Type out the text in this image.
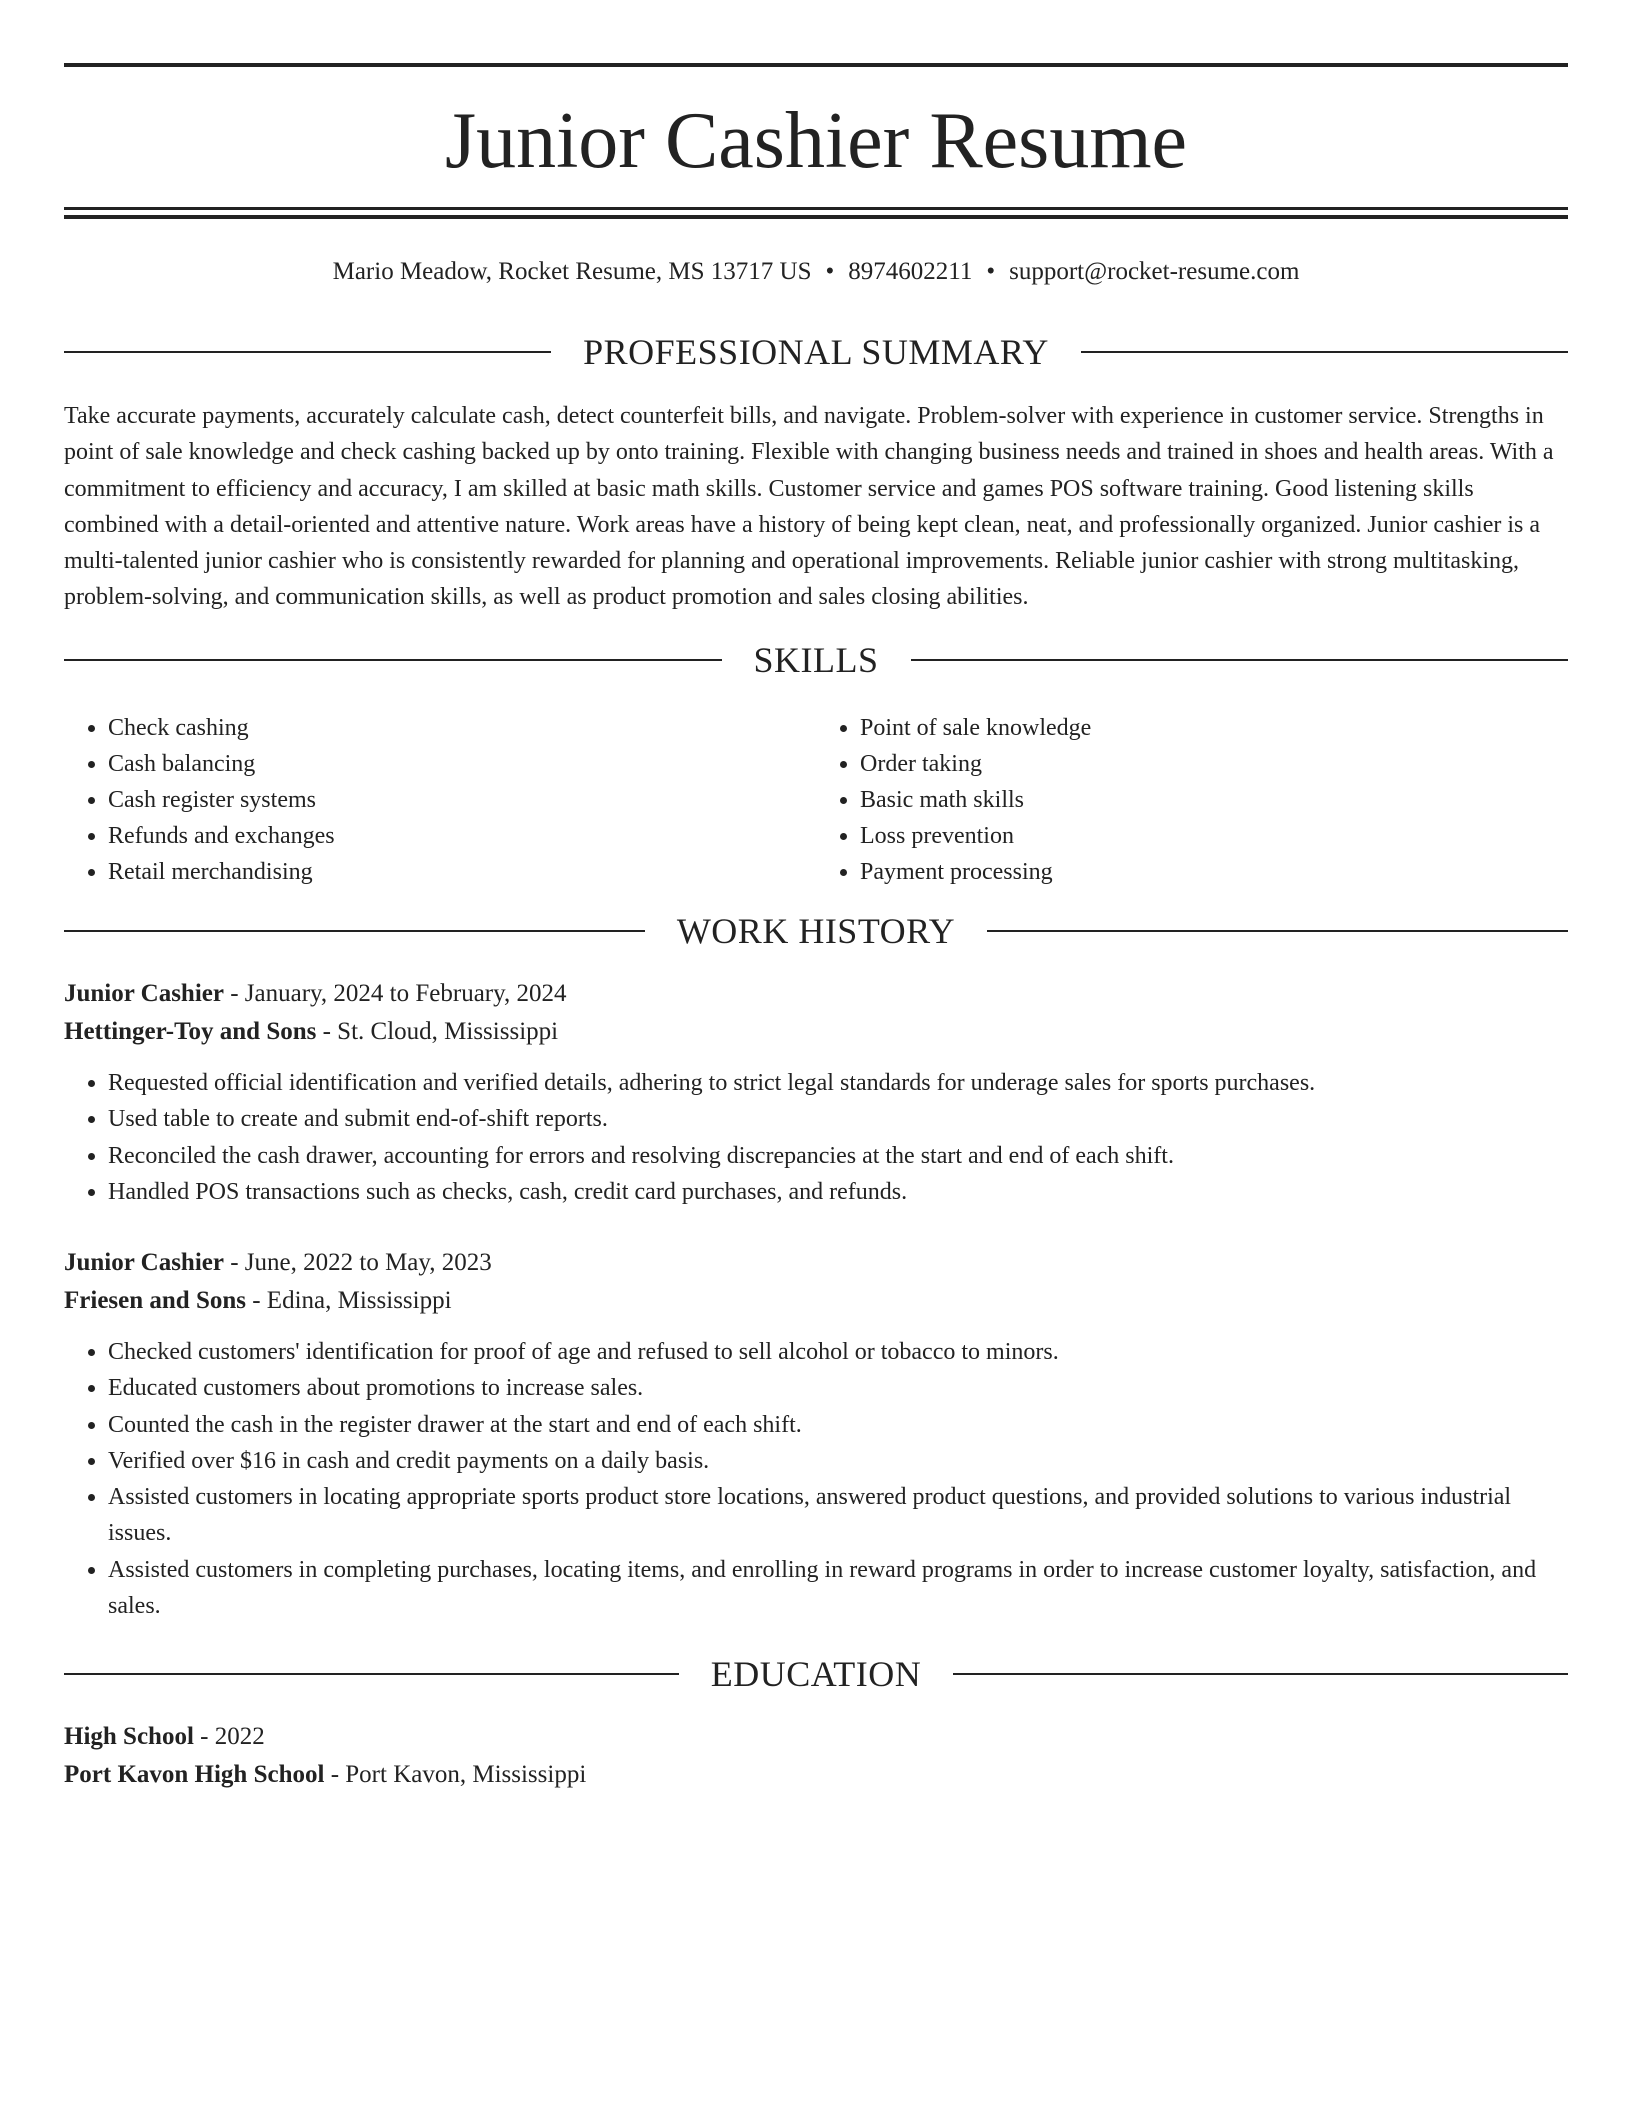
Junior Cashier Resume
Mario Meadow, Rocket Resume, MS 13717 US • 8974602211 • support@rocket-resume.com
PROFESSIONAL SUMMARY

Take accurate payments, accurately calculate cash, detect counterfeit bills, and navigate. Problem-solver with experience in customer service. Strengths in point of sale knowledge and check cashing backed up by onto training. Flexible with changing business needs and trained in shoes and health areas. With a commitment to efficiency and accuracy, I am skilled at basic math skills. Customer service and games POS software training. Good listening skills combined with a detail-oriented and attentive nature. Work areas have a history of being kept clean, neat, and professionally organized. Junior cashier is a multi-talented junior cashier who is consistently rewarded for planning and operational improvements. Reliable junior cashier with strong multitasking, problem-solving, and communication skills, as well as product promotion and sales closing abilities.

SKILLS
• Check cashing
• Cash balancing
• Cash register systems
• Refunds and exchanges
• Retail merchandising
• Point of sale knowledge
• Order taking
• Basic math skills
• Loss prevention
• Payment processing
WORK HISTORY
Junior Cashier - January, 2024 to February, 2024
Hettinger-Toy and Sons - St. Cloud, Mississippi
• Requested official identification and verified details, adhering to strict legal standards for underage sales for sports purchases.
• Used table to create and submit end-of-shift reports.
• Reconciled the cash drawer, accounting for errors and resolving discrepancies at the start and end of each shift.
• Handled POS transactions such as checks, cash, credit card purchases, and refunds.
Junior Cashier - June, 2022 to May, 2023
Friesen and Sons - Edina, Mississippi
• Checked customers' identification for proof of age and refused to sell alcohol or tobacco to minors.
• Educated customers about promotions to increase sales.
• Counted the cash in the register drawer at the start and end of each shift.
• Verified over $16 in cash and credit payments on a daily basis.
• Assisted customers in locating appropriate sports product store locations, answered product questions, and provided solutions to various industrial issues.
• Assisted customers in completing purchases, locating items, and enrolling in reward programs in order to increase customer loyalty, satisfaction, and sales.
EDUCATION
High School - 2022
Port Kavon High School - Port Kavon, Mississippi
